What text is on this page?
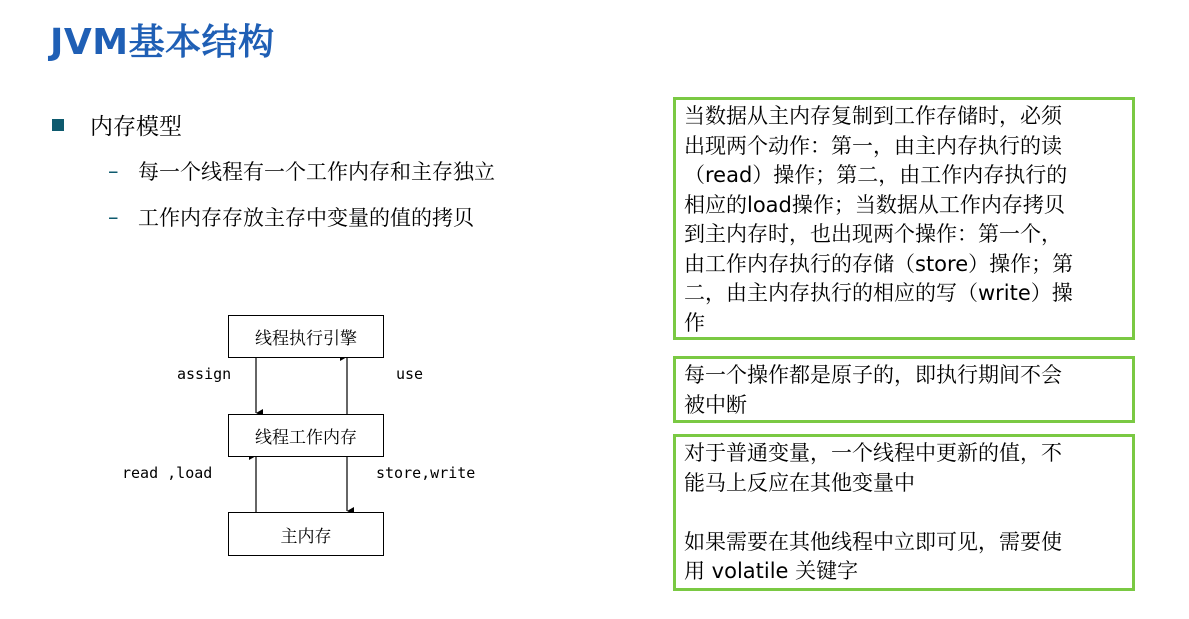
JVM基本结构
内存模型
– 每一个线程有一个工作内存和主存独立
– 工作内存存放主存中变量的值的拷贝
线程执行引擎
线程工作内存
主内存
assign	use
read ,load	store,write
当数据从主内存复制到工作存储时，必须
出现两个动作：第一，由主内存执行的读
（read）操作；第二，由工作内存执行的
相应的load操作；当数据从工作内存拷贝
到主内存时，也出现两个操作：第一个，
由工作内存执行的存储（store）操作；第
二，由主内存执行的相应的写（write）操
作
每一个操作都是原子的，即执行期间不会
被中断
对于普通变量，一个线程中更新的值，不
能马上反应在其他变量中

如果需要在其他线程中立即可见，需要使
用 volatile 关键字
